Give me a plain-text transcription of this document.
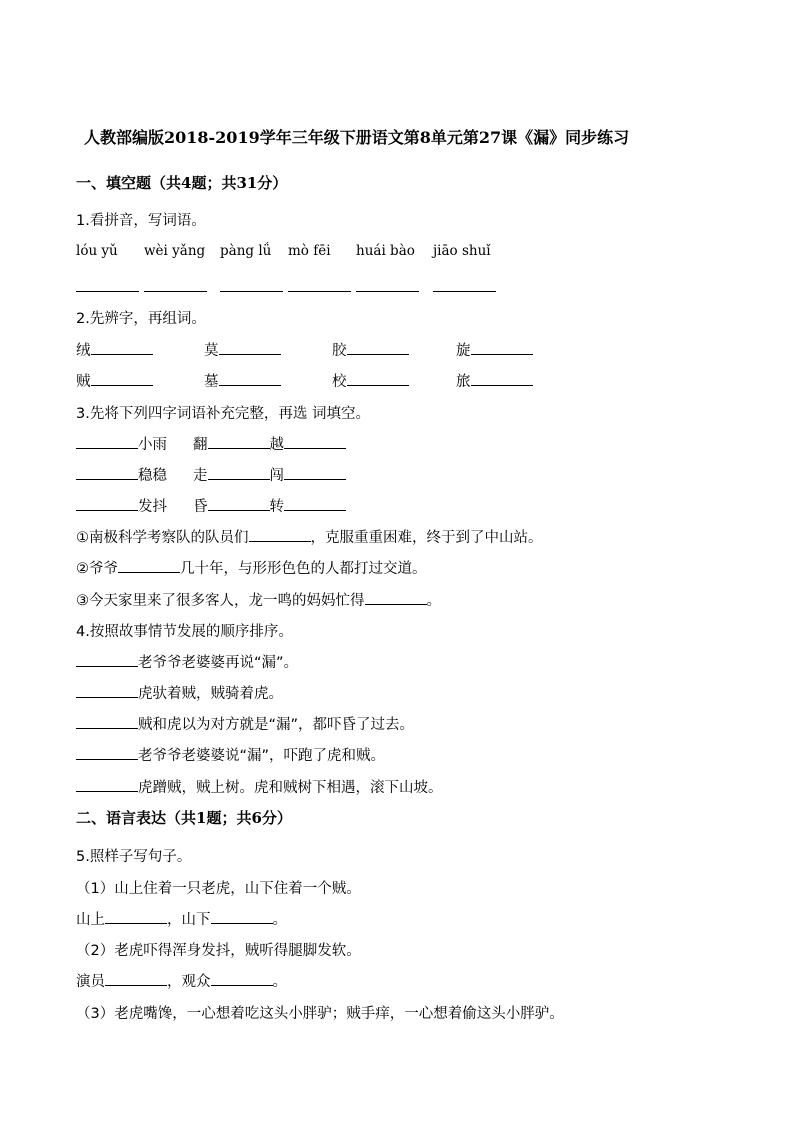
人教部编版2018-2019学年三年级下册语文第8单元第27课《漏》同步练习
一、填空题（共4题；共31分）
1.看拼音，写词语。
lóu yǔ wèi yǎng pàng lǘ mò fēi huái bào jiāo shuǐ
2.先辨字，再组词。
绒	莫	胶	旋
贼	墓	校	旅
3.先将下列四字词语补充完整，再选 词填空。
小雨 翻	越
稳稳 走	闯
发抖 昏	转
①南极科学考察队的队员们	，克服重重困难，终于到了中山站。
②爷爷	几十年，与形形色色的人都打过交道。
③今天家里来了很多客人，龙一鸣的妈妈忙得	。
4.按照故事情节发展的顺序排序。
老爷爷老婆婆再说“漏”。
虎驮着贼，贼骑着虎。
贼和虎以为对方就是“漏”，都吓昏了过去。
老爷爷老婆婆说“漏”，吓跑了虎和贼。
虎蹭贼，贼上树。虎和贼树下相遇，滚下山坡。
二、语言表达（共1题；共6分）
5.照样子写句子。
（1）山上住着一只老虎，山下住着一个贼。
山上	，山下	。
（2）老虎吓得浑身发抖，贼听得腿脚发软。
演员	，观众	。
（3）老虎嘴馋，一心想着吃这头小胖驴；贼手痒，一心想着偷这头小胖驴。
